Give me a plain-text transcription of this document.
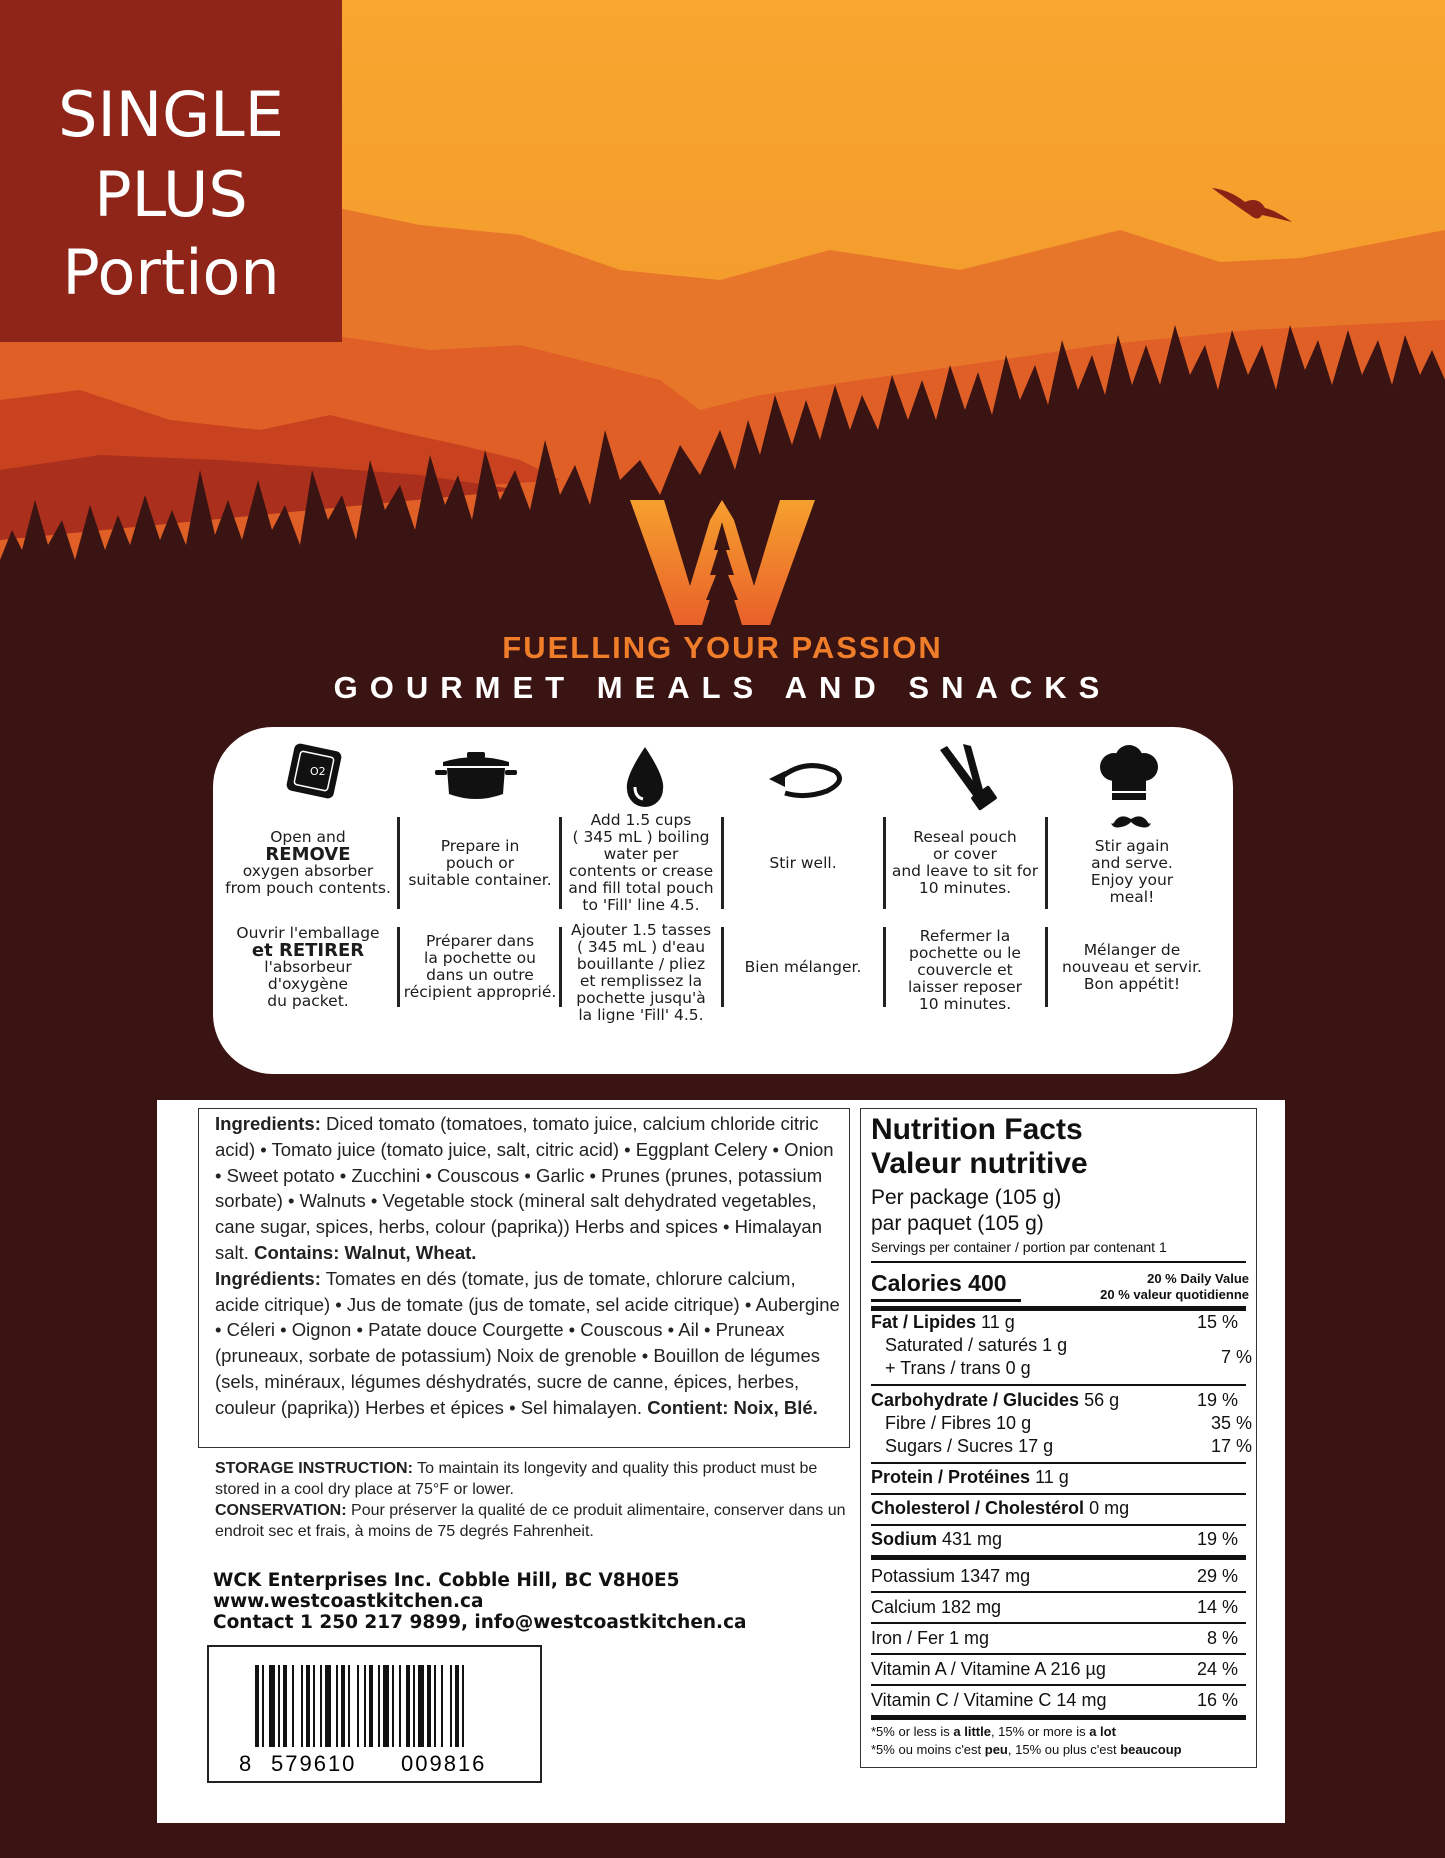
SINGLE
PLUS
Portion
FUELLING YOUR PASSION
GOURMET MEALS AND SNACKS
O2
Open and
REMOVE
oxygen absorber
from pouch contents.
Ouvrir l'emballage
et RETIRER
l'absorbeur d'oxygène
du packet.
Prepare in
pouch or
suitable container.
Préparer dans
la pochette ou
dans un outre
récipient approprié.
Add 1.5 cups
( 345 mL ) boiling
water per
contents or crease
and fill total pouch
to 'Fill' line 4.5.
Ajouter 1.5 tasses
( 345 mL ) d'eau
bouillante / pliez
et remplissez la
pochette jusqu'à
la ligne 'Fill' 4.5.
Stir well.
Bien mélanger.
Reseal pouch
or cover
and leave to sit for
10 minutes.
Refermer la
pochette ou le
couvercle et
laisser reposer
10 minutes.
Stir again
and serve.
Enjoy your
meal!
Mélanger de
nouveau et servir.
Bon appétit!

Ingredients: Diced tomato (tomatoes, tomato juice, calcium chloride citric acid) • Tomato juice (tomato juice, salt, citric acid) • Eggplant Celery • Onion • Sweet potato • Zucchini • Couscous • Garlic • Prunes (prunes, potassium sorbate) • Walnuts • Vegetable stock (mineral salt dehydrated vegetables, cane sugar, spices, herbs, colour (paprika)) Herbs and spices • Himalayan salt. Contains: Walnut, Wheat.

Ingrédients: Tomates en dés (tomate, jus de tomate, chlorure calcium, acide citrique) • Jus de tomate (jus de tomate, sel acide citrique) • Aubergine • Céleri • Oignon • Patate douce Courgette • Couscous • Ail • Pruneax (pruneaux, sorbate de potassium) Noix de grenoble • Bouillon de légumes (sels, minéraux, légumes déshydratés, sucre de canne, épices, herbes, couleur (paprika)) Herbes et épices • Sel himalayen. Contient: Noix, Blé.

STORAGE INSTRUCTION: To maintain its longevity and quality this product must be stored in a cool dry place at 75°F or lower.

CONSERVATION: Pour préserver la qualité de ce produit alimentaire, conserver dans un endroit sec et frais, à moins de 75 degrés Fahrenheit.

WCK Enterprises Inc. Cobble Hill, BC V8H0E5
www.westcoastkitchen.ca
Contact 1 250 217 9899, info@westcoastkitchen.ca
8 579610 009816
Nutrition Facts
Valeur nutritive
Per package (105 g)
par paquet (105 g)
Servings per container / portion par contenant 1
Calories 400	20 % Daily Value
20 % valeur quotidienne
Fat / Lipides 11 g	15 %
Saturated / saturés 1 g
7 %
+ Trans / trans 0 g
Carbohydrate / Glucides 56 g	19 %
Fibre / Fibres 10 g	35 %
Sugars / Sucres 17 g	17 %
Protein / Protéines 11 g
Cholesterol / Cholestérol 0 mg
Sodium 431 mg	19 %
Potassium 1347 mg	29 %
Calcium 182 mg	14 %
Iron / Fer 1 mg	8 %
Vitamin A / Vitamine A 216 µg	24 %
Vitamin C / Vitamine C 14 mg	16 %
*5% or less is a little, 15% or more is a lot
*5% ou moins c'est peu, 15% ou plus c'est beaucoup
